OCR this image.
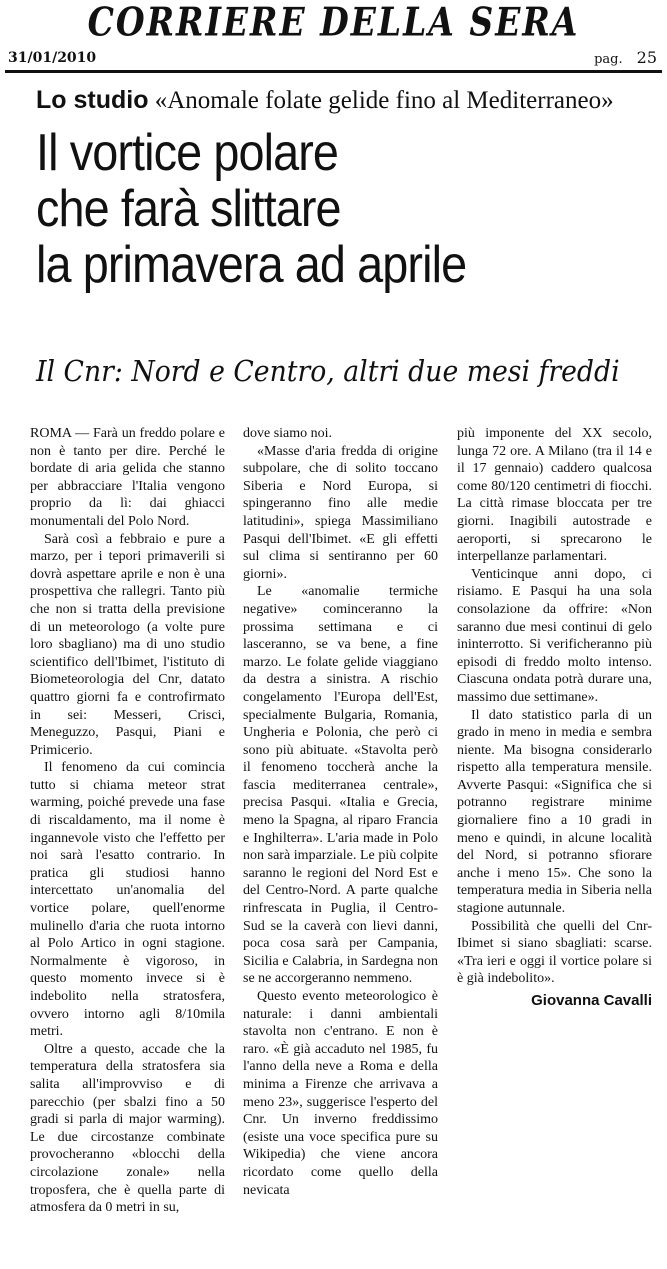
CORRIERE DELLA SERA
31/01/2010	pag. 25
Lo studio «Anomale folate gelide fino al Mediterraneo»
Il vortice polare
che farà slittare
la primavera ad aprile
Il Cnr: Nord e Centro, altri due mesi freddi

ROMA — Farà un freddo polare e non è tanto per dire. Perché le bordate di aria gelida che stanno per abbracciare l'Italia vengono proprio da lì: dai ghiacci monumentali del Polo Nord.

Sarà così a febbraio e pure a marzo, per i tepori primaverili si dovrà aspettare aprile e non è una prospettiva che rallegri. Tanto più che non si tratta della previsione di un meteorologo (a volte pure loro sbagliano) ma di uno studio scientifico dell'Ibimet, l'istituto di Biometeorologia del Cnr, datato quattro giorni fa e controfirmato in sei: Messeri, Crisci, Meneguzzo, Pasqui, Piani e Primicerio.

Il fenomeno da cui comincia tutto si chiama meteor strat warming, poiché prevede una fase di riscaldamento, ma il nome è ingannevole visto che l'effetto per noi sarà l'esatto contrario. In pratica gli studiosi hanno intercettato un'anomalia del vortice polare, quell'enorme mulinello d'aria che ruota intorno al Polo Artico in ogni stagione. Normalmente è vigoroso, in questo momento invece si è indebolito nella stratosfera, ovvero intorno agli 8/10mila metri.

Oltre a questo, accade che la temperatura della stratosfera sia salita all'improvviso e di parecchio (per sbalzi fino a 50 gradi si parla di major warming). Le due circostanze combinate provocheranno «blocchi della circolazione zonale» nella troposfera, che è quella parte di atmosfera da 0 metri in su,

dove siamo noi.

«Masse d'aria fredda di origine subpolare, che di solito toccano Siberia e Nord Europa, si spingeranno fino alle medie latitudini», spiega Massimiliano Pasqui dell'Ibimet. «E gli effetti sul clima si sentiranno per 60 giorni».

Le «anomalie termiche negative» cominceranno la prossima settimana e ci lasceranno, se va bene, a fine marzo. Le folate gelide viaggiano da destra a sinistra. A rischio congelamento l'Europa dell'Est, specialmente Bulgaria, Romania, Ungheria e Polonia, che però ci sono più abituate. «Stavolta però il fenomeno toccherà anche la fascia mediterranea centrale», precisa Pasqui. «Italia e Grecia, meno la Spagna, al riparo Francia e Inghilterra». L'aria made in Polo non sarà imparziale. Le più colpite saranno le regioni del Nord Est e del Centro-Nord. A parte qualche rinfrescata in Puglia, il Centro-Sud se la caverà con lievi danni, poca cosa sarà per Campania, Sicilia e Calabria, in Sardegna non se ne accorgeranno nemmeno.

Questo evento meteorologico è naturale: i danni ambientali stavolta non c'entrano. E non è raro. «È già accaduto nel 1985, fu l'anno della neve a Roma e della minima a Firenze che arrivava a meno 23», suggerisce l'esperto del Cnr. Un inverno freddissimo (esiste una voce specifica pure su Wikipedia) che viene ancora ricordato come quello della nevicata

più imponente del XX secolo, lunga 72 ore. A Milano (tra il 14 e il 17 gennaio) caddero qualcosa come 80/120 centimetri di fiocchi. La città rimase bloccata per tre giorni. Inagibili autostrade e aeroporti, si sprecarono le interpellanze parlamentari.

Venticinque anni dopo, ci risiamo. E Pasqui ha una sola consolazione da offrire: «Non saranno due mesi continui di gelo ininterrotto. Si verificheranno più episodi di freddo molto intenso. Ciascuna ondata potrà durare una, massimo due settimane».

Il dato statistico parla di un grado in meno in media e sembra niente. Ma bisogna considerarlo rispetto alla temperatura mensile. Avverte Pasqui: «Significa che si potranno registrare minime giornaliere fino a 10 gradi in meno e quindi, in alcune località del Nord, si potranno sfiorare anche i meno 15». Che sono la temperatura media in Siberia nella stagione autunnale.

Possibilità che quelli del Cnr-Ibimet si siano sbagliati: scarse. «Tra ieri e oggi il vortice polare si è già indebolito».

Giovanna Cavalli
